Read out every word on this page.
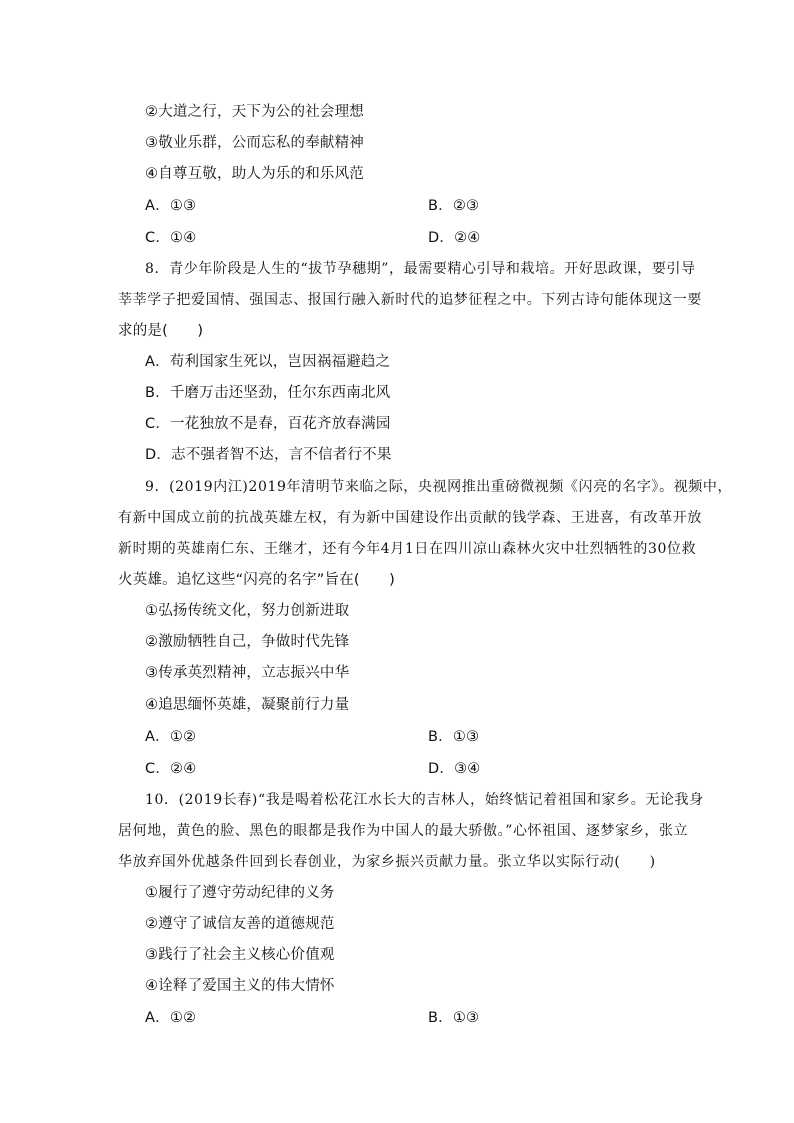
②大道之行，天下为公的社会理想
③敬业乐群，公而忘私的奉献精神
④自尊互敬，助人为乐的和乐风范
A．①③	B．②③
C．①④	D．②④
8．青少年阶段是人生的“拔节孕穗期”，最需要精心引导和栽培。开好思政课，要引导
莘莘学子把爱国情、强国志、报国行融入新时代的追梦征程之中。下列古诗句能体现这一要
求的是(　　)
A．苟利国家生死以，岂因祸福避趋之
B．千磨万击还坚劲，任尔东西南北风
C．一花独放不是春，百花齐放春满园
D．志不强者智不达，言不信者行不果
9．(2019内江)2019年清明节来临之际，央视网推出重磅微视频《闪亮的名字》。视频中，
有新中国成立前的抗战英雄左权，有为新中国建设作出贡献的钱学森、王进喜，有改革开放
新时期的英雄南仁东、王继才，还有今年4月1日在四川凉山森林火灾中壮烈牺牲的30位救
火英雄。追忆这些“闪亮的名字”旨在(　　)
①弘扬传统文化，努力创新进取
②激励牺牲自己，争做时代先锋
③传承英烈精神，立志振兴中华
④追思缅怀英雄，凝聚前行力量
A．①②	B．①③
C．②④	D．③④
10．(2019长春)“我是喝着松花江水长大的吉林人，始终惦记着祖国和家乡。无论我身
居何地，黄色的脸、黑色的眼都是我作为中国人的最大骄傲。”心怀祖国、逐梦家乡，张立
华放弃国外优越条件回到长春创业，为家乡振兴贡献力量。张立华以实际行动(　　)
①履行了遵守劳动纪律的义务
②遵守了诚信友善的道德规范
③践行了社会主义核心价值观
④诠释了爱国主义的伟大情怀
A．①②	B．①③
